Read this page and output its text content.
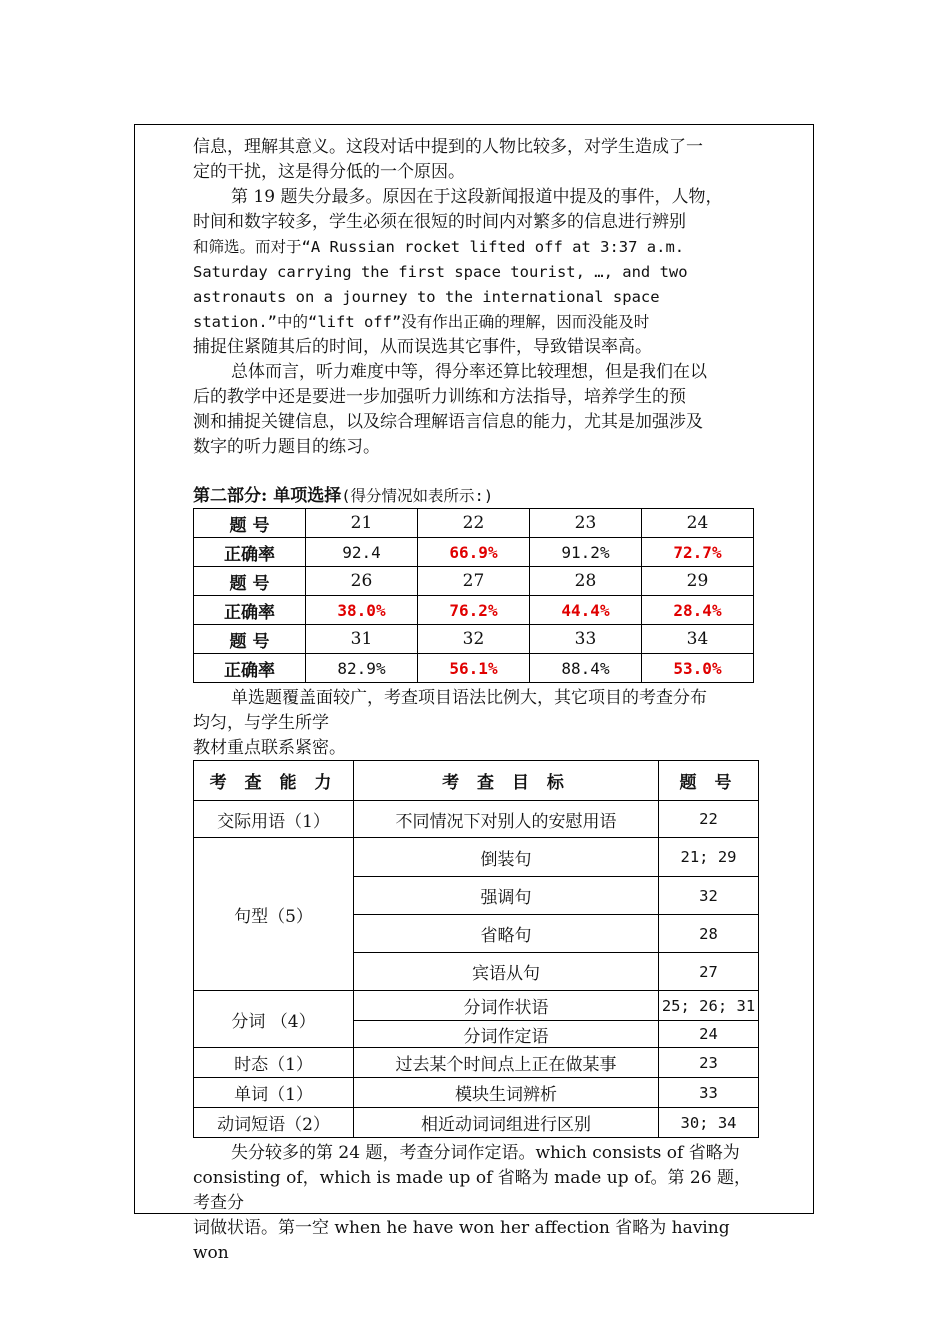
信息，理解其意义。这段对话中提到的人物比较多，对学生造成了一
定的干扰，这是得分低的一个原因。

第 19 题失分最多。原因在于这段新闻报道中提及的事件，人物，
时间和数字较多，学生必须在很短的时间内对繁多的信息进行辨别
和筛选。而对于“A Russian rocket lifted off at 3:37 a.m.
Saturday carrying the first space tourist, …, and two
astronauts on a journey to the international space
station.”中的“lift off”没有作出正确的理解，因而没能及时
捕捉住紧随其后的时间，从而误选其它事件，导致错误率高。

总体而言，听力难度中等，得分率还算比较理想，但是我们在以
后的教学中还是要进一步加强听力训练和方法指导，培养学生的预
测和捕捉关键信息，以及综合理解语言信息的能力，尤其是加强涉及
数字的听力题目的练习。

第二部分: 单项选择(得分情况如表所示:)

题 号	21	22	23	24
正确率	92.4	66.9%	91.2%	72.7%
题 号	26	27	28	29
正确率	38.0%	76.2%	44.4%	28.4%
题 号	31	32	33	34
正确率	82.9%	56.1%	88.4%	53.0%

单选题覆盖面较广，考查项目语法比例大，其它项目的考查分布
均匀，与学生所学
教材重点联系紧密。

考 查 能 力	考 查 目 标	题 号
交际用语（1）	不同情况下对别人的安慰用语	22
句型（5）	倒装句	21; 29
	强调句	32
	省略句	28
	宾语从句	27
分词 （4）	分词作状语	25; 26; 31
	分词作定语	24
时态（1）	过去某个时间点上正在做某事	23
单词（1）	模块生词辨析	33
动词短语（2）	相近动词词组进行区别	30; 34

失分较多的第 24 题，考查分词作定语。which consists of 省略为
consisting of，which is made up of 省略为 made up of。第 26 题，考查分
词做状语。第一空 when he have won her affection 省略为 having won
